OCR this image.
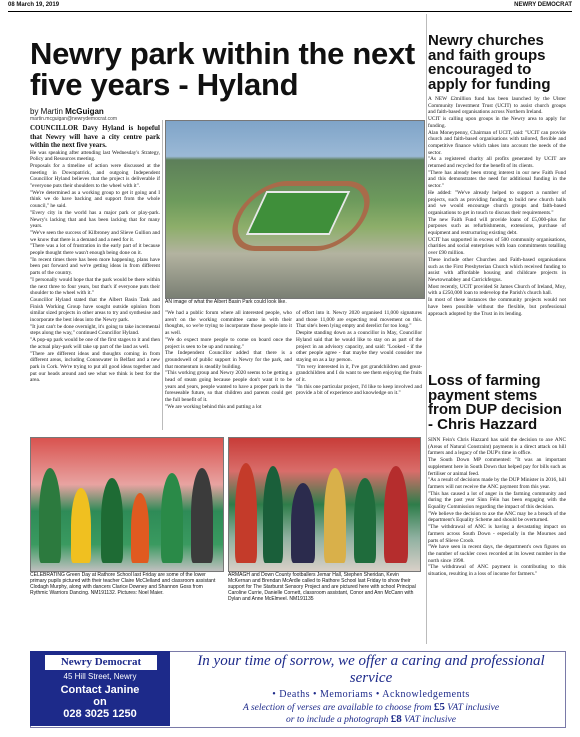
08 March 19, 2019	NEWRY DEMOCRAT
Newry park within the next five years - Hyland
by Martin McGuigan
martin.mcguigan@newrydemocrat.com

COUNCILLOR Davy Hyland is hopeful that Newry will have a city centre park within the next five years.

He was speaking after attending last Wednesday's Strategy, Policy and Resources meeting.

Proposals for a timeline of action were discussed at the meeting in Downpatrick, and outgoing Independent Councillor Hyland believes that the project is deliverable if "everyone puts their shoulders to the wheel with it".

"We're determined as a working group to get it going and I think we do have backing and support from the whole council," he said.

"Every city in the world has a major park or play-park. Newry's lacking that and has been lacking that for many years.

"We've seen the success of Kilbroney and Slieve Gullion and we know that there is a demand and a need for it.

"There was a lot of frustration in the early part of it because people thought there wasn't enough being done on it.

"In recent times there has been more happening, plans have been put forward and we're getting ideas in from different parts of the country.

"I personally would hope that the park would be there within the next three to four years, but that's if everyone puts their shoulder to the wheel with it."

Councillor Hyland stated that the Albert Basin Task and Finish Working Group have sought outside opinion from similar sized projects in other areas to try and synthesise and incorporate the best ideas into the Newry park.

"It just can't be done overnight, it's going to take incremental steps along the way," continued Councillor Hyland.

"A pop-up park would be one of the first stages to it and then the actual play-park will take up part of the land as well.

"There are different ideas and thoughts coming in from different areas, including Connswater in Belfast and a new park in Cork. We're trying to put all good ideas together and put our heads around and see what we think is best for the area.

AN image of what the Albert Basin Park could look like.

"We had a public forum where all interested people, who aren't on the working committee came in with their thoughts, so we're trying to incorporate those people into it as well.

"We do expect more people to come on board once the project is seen to be up and running."

The Independent Councillor added that there is a groundswell of public support in Newry for the park, and that momentum is steadily building.

"This working group and Newry 2020 seems to be getting a head of steam going because people don't want it to be years and years, people wanted to have a proper park in the foreseeable future, so that children and parents could get the full benefit of it.

"We are working behind this and putting a lot

of effort into it. Newry 2020 organised 11,000 signatures and those 11,000 are expecting real movement on this. That site's been lying empty and derelict for too long."

Despite standing down as a councillor in May, Councillor Hyland said that he would like to stay on as part of the project in an advisory capacity, and said: "Looked - if the other people agree - that maybe they would consider me staying on as a lay person.

"I'm very interested in it, I've got grandchildren and great-grandchildren and I do want to see them enjoying the fruits of it.

"In this one particular project, I'd like to keep involved and provide a bit of experience and knowledge on it."

Newry churches and faith groups encouraged to apply for funding

A NEW £2million fund has been launched by the Ulster Community Investment Trust (UCIT) to assist church groups and faith-based organisations across Northern Ireland.

UCIT is calling upon groups in the Newry area to apply for funding.

Alan Moneypenny, Chairman of UCIT, said: "UCIT can provide church and faith-based organisations with tailored, flexible and competitive finance which takes into account the needs of the sector.

"As a registered charity all profits generated by UCIT are returned and recycled for the benefit of its clients.

"There has already been strong interest in our new Faith Fund and this demonstrates the need for additional funding in the sector."

He added: "We've already helped to support a number of projects, such as providing funding to build new church halls and we would encourage church groups and faith-based organisations to get in touch to discuss their requirements."

The new Faith Fund will provide loans of £5,000-plus for purposes such as refurbishments, extensions, purchase of equipment and restructuring existing debt.

UCIT has supported in excess of 500 community organisations, charities and social enterprises with loan commitments totalling over £90 million.

These include other Churches and Faith-based organisations such as the First Presbyterian Church which received funding to assist with affordable housing and childcare projects in Newtownabbey and Carrickfergus.

Most recently, UCIT provided St James Church of Ireland, Moy, with a £250,000 loan to redevelop the Parish's church hall.

In most of these instances the community projects would not have been possible without the flexible, but professional approach adopted by the Trust in its lending.

Loss of farming payment stems from DUP decision - Chris Hazzard

SINN Fein's Chris Hazzard has said the decision to axe ANC (Areas of Natural Constraint) payments is a direct attack on hill farmers and a legacy of the DUP's time in office.

The South Down MP commented: "It was an important supplement here in South Down that helped pay for bills such as fertiliser or animal feed.

"As a result of decisions made by the DUP Minister in 2016, hill farmers will not receive the ANC payment from this year.

"This has caused a lot of anger in the farming community and during the past year Sinn Féin has been engaging with the Equality Commission regarding the impact of this decision.

"We believe the decision to axe the ANC may be a breach of the department's Equality Scheme and should be overturned.

"The withdrawal of ANC is having a devastating impact on farmers across South Down - especially in the Mournes and parts of Slieve Croob.

"We have seen in recent days, the department's own figures on the number of suckler cows recorded at its lowest number in the north since 1998.

"The withdrawal of ANC payment is contributing to this situation, resulting in a loss of income for farmers."

CELEBRATING Green Day at Rathore School last Friday are some of the lower primary pupils pictured with their teacher Claire McClelland and classroom assistant Clodagh Murphy, along with dancers Clarice Downey and Shannon Goss from Rythmic Warriors Dancing. NM191132. Pictures: Noel Maier.
ARMAGH and Down County footballers Jemar Hall, Stephen Sheridan, Kevin McKernan and Brendan McArdle called to Rathore School last Friday to show their support for The Starburst Sensory Project and are pictured here with school Principal Caroline Currie, Danielle Cornett, classroom assistant, Conor and Ann McCann with Dylan and Anne McElmeel. NM191135
Newry Democrat
45 Hill Street, Newry
Contact Janine
on
028 3025 1250
In your time of sorrow, we offer a caring and professional service
• Deaths • Memoriams • Acknowledgements
A selection of verses are available to choose from £5 VAT inclusive
or to include a photograph £8 VAT inclusive
